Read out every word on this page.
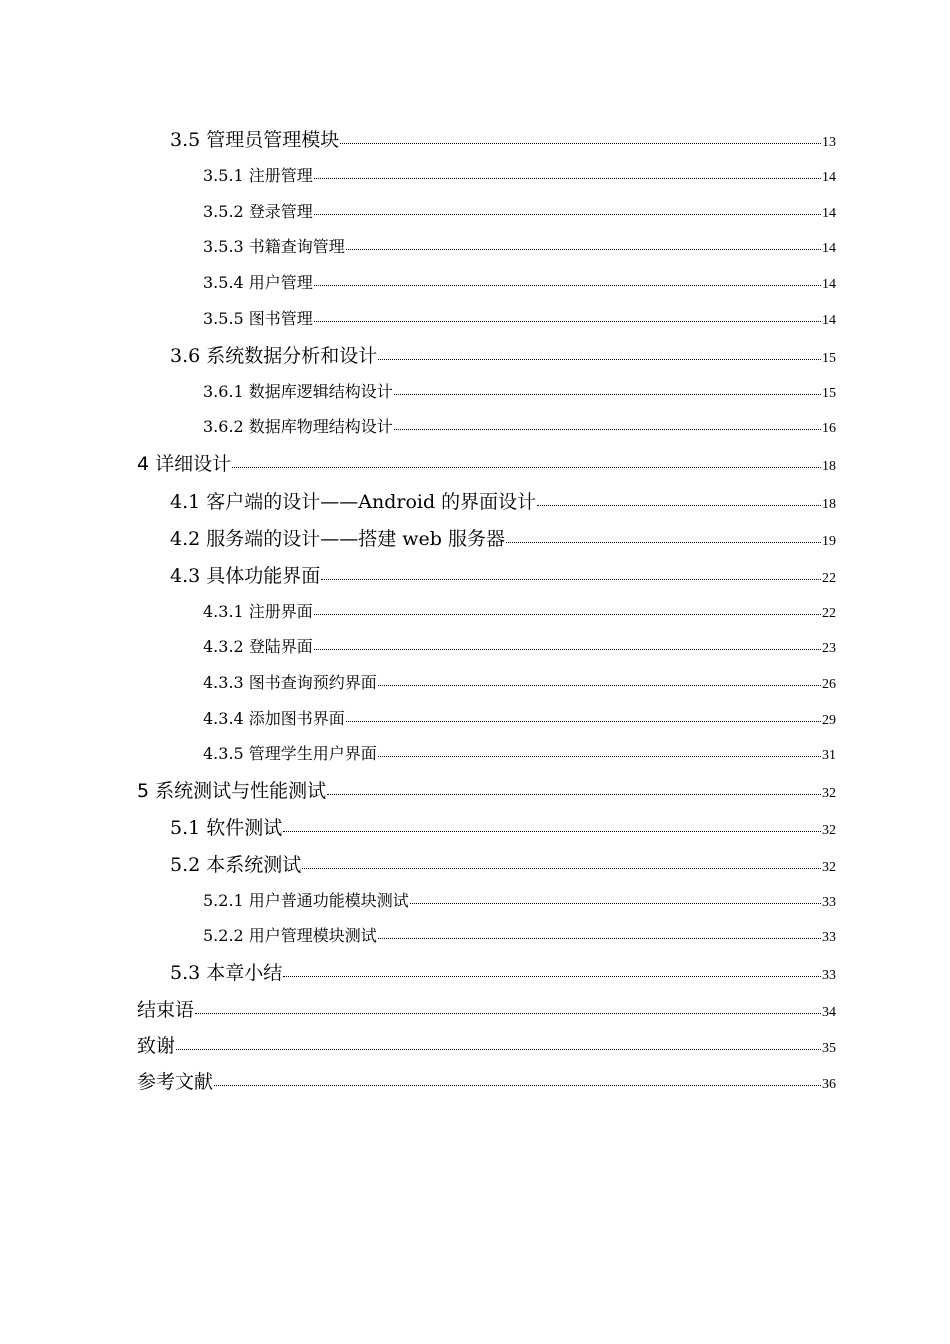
3.5 管理员管理模块	13
3.5.1 注册管理	14
3.5.2 登录管理	14
3.5.3 书籍查询管理	14
3.5.4 用户管理	14
3.5.5 图书管理	14
3.6 系统数据分析和设计	15
3.6.1 数据库逻辑结构设计	15
3.6.2 数据库物理结构设计	16
4 详细设计	18
4.1 客户端的设计——Android 的界面设计	18
4.2 服务端的设计——搭建 web 服务器	19
4.3 具体功能界面	22
4.3.1 注册界面	22
4.3.2 登陆界面	23
4.3.3 图书查询预约界面	26
4.3.4 添加图书界面	29
4.3.5 管理学生用户界面	31
5 系统测试与性能测试	32
5.1 软件测试	32
5.2 本系统测试	32
5.2.1 用户普通功能模块测试	33
5.2.2 用户管理模块测试	33
5.3 本章小结	33
结束语	34
致谢	35
参考文献	36
